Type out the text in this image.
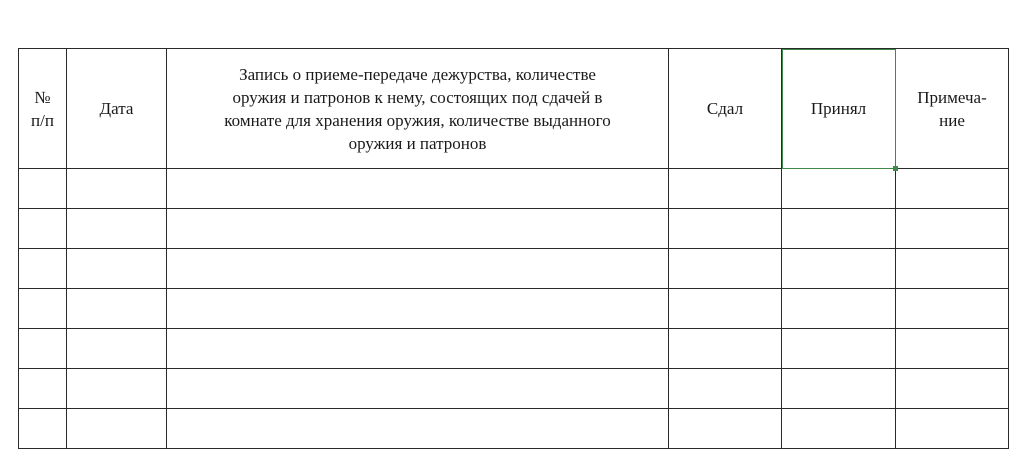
№
п/п	Дата	Запись о приеме-передаче дежурства, количестве
оружия и патронов к нему, состоящих под сдачей в
комнате для хранения оружия, количестве выданного
оружия и патронов	Сдал	Принял	Примеча-
ние
